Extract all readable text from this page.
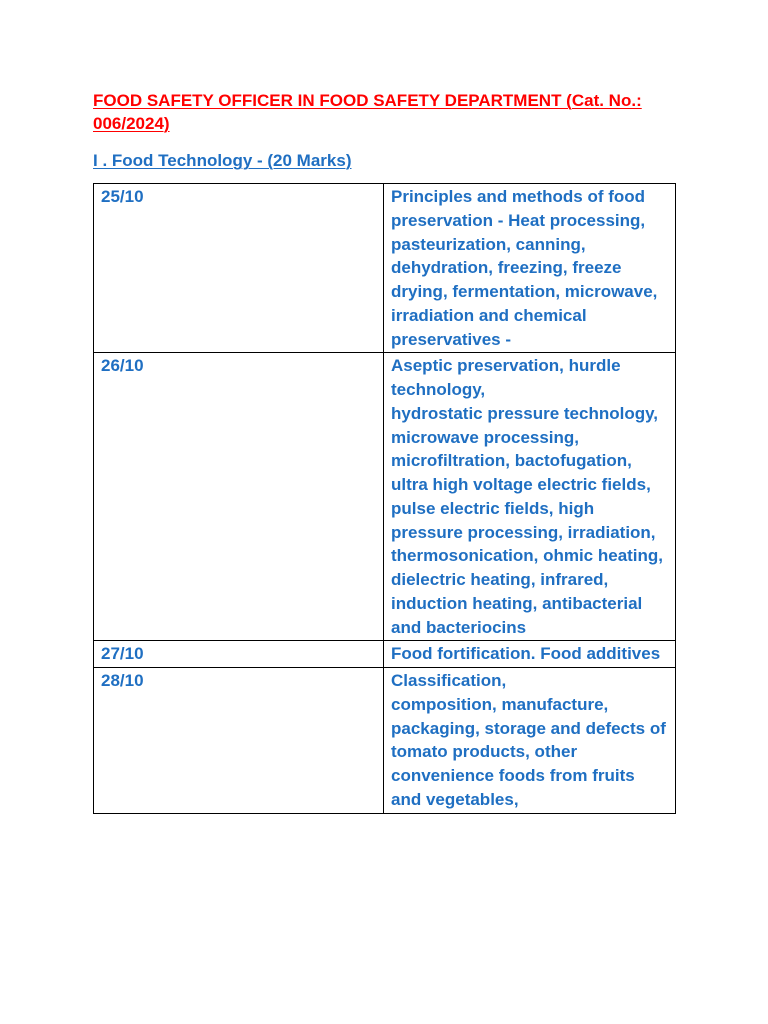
FOOD SAFETY OFFICER IN FOOD SAFETY DEPARTMENT (Cat. No.: 006/2024)
I . Food Technology - (20 Marks)
25/10	Principles and methods of food preservation - Heat processing, pasteurization, canning, dehydration, freezing, freeze drying, fermentation, microwave,
irradiation and chemical preservatives -

26/10	Aseptic preservation, hurdle technology,
hydrostatic pressure technology, microwave processing, microfiltration, bactofugation,
ultra high voltage electric fields, pulse electric fields, high pressure processing, irradiation, thermosonication, ohmic heating, dielectric heating, infrared, induction heating, antibacterial and bacteriocins

27/10	Food fortification. Food additives

28/10	Classification,
composition, manufacture, packaging, storage and defects of tomato products, other convenience foods from fruits and vegetables,
